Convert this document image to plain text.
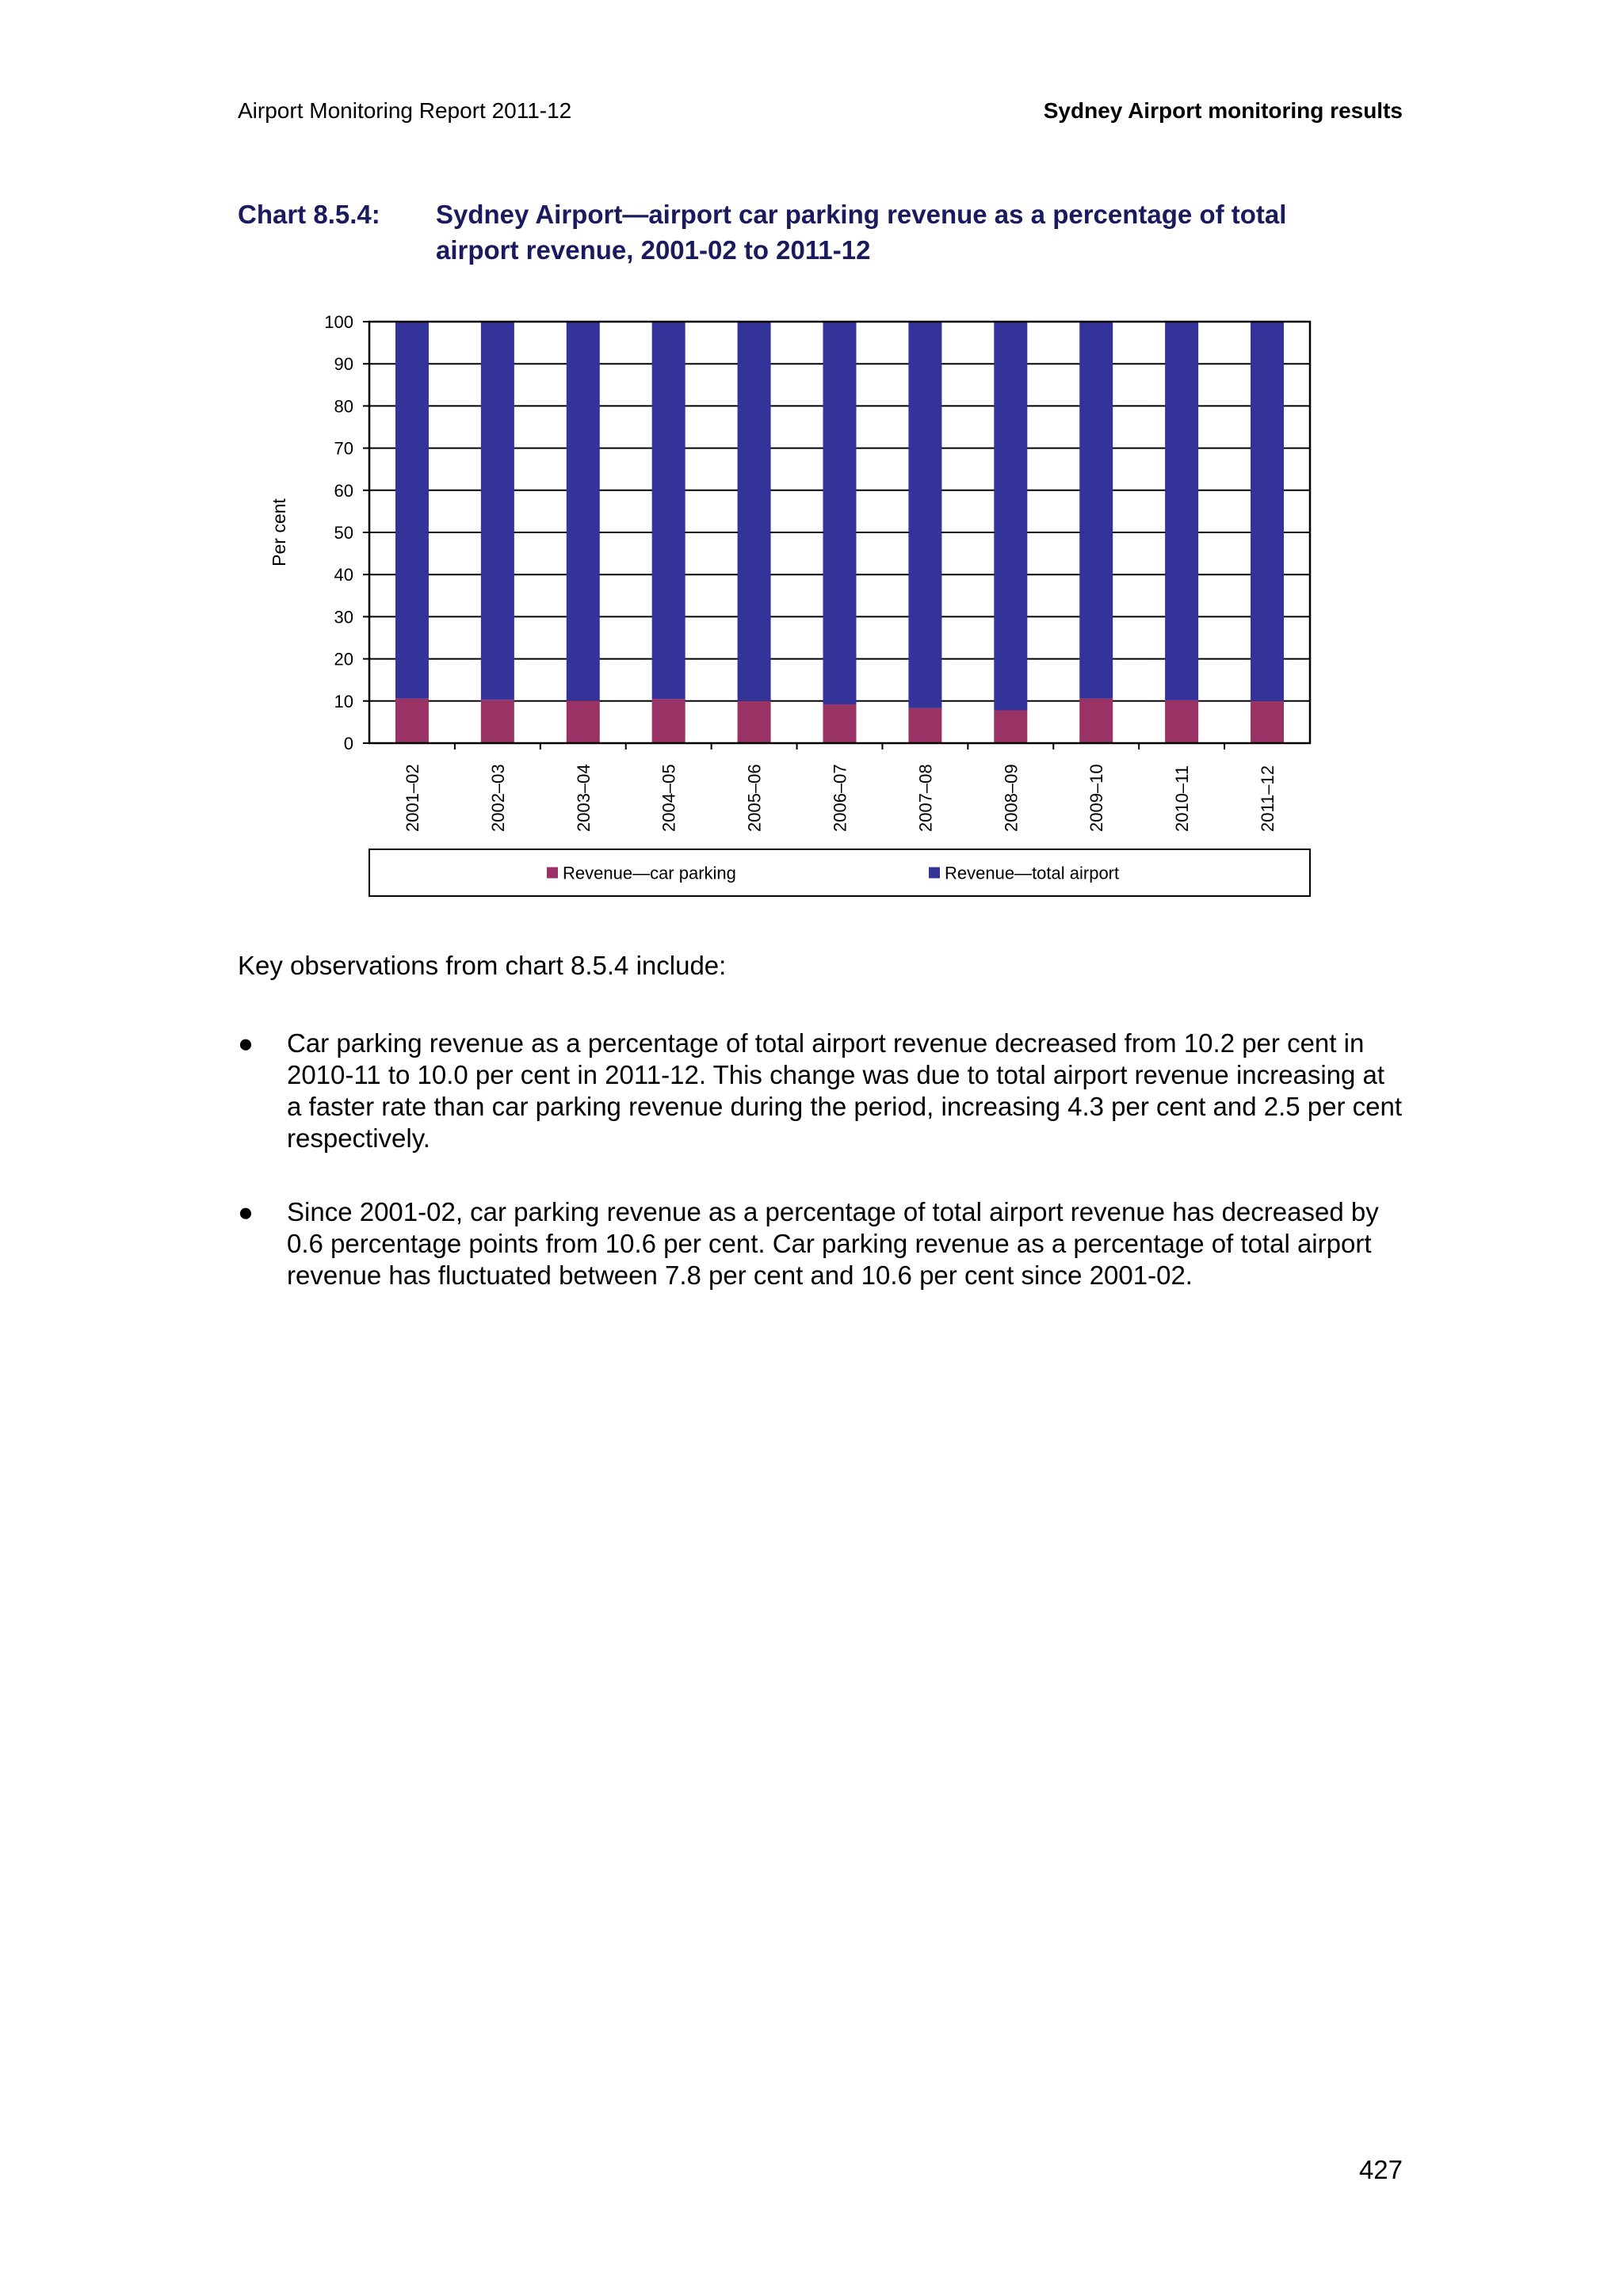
Airport Monitoring Report 2011-12	Sydney Airport monitoring results
Chart 8.5.4: Sydney Airport—airport car parking revenue as a percentage of total airport revenue, 2001-02 to 2011-12
0
10
20
30
40
50
60
70
80
90
100
Per cent
2001–02	2002–03	2003–04	2004–05	2005–06	2006–07	2007–08	2008–09	2009–10	2010–11	2011–12
Revenue—car parking	Revenue—total airport
Key observations from chart 8.5.4 include:
● Car parking revenue as a percentage of total airport revenue decreased from 10.2 per cent in 2010-11 to 10.0 per cent in 2011-12. This change was due to total airport revenue increasing at a faster rate than car parking revenue during the period, increasing 4.3 per cent and 2.5 per cent respectively.
● Since 2001-02, car parking revenue as a percentage of total airport revenue has decreased by 0.6 percentage points from 10.6 per cent. Car parking revenue as a percentage of total airport revenue has fluctuated between 7.8 per cent and 10.6 per cent since 2001-02.
427
